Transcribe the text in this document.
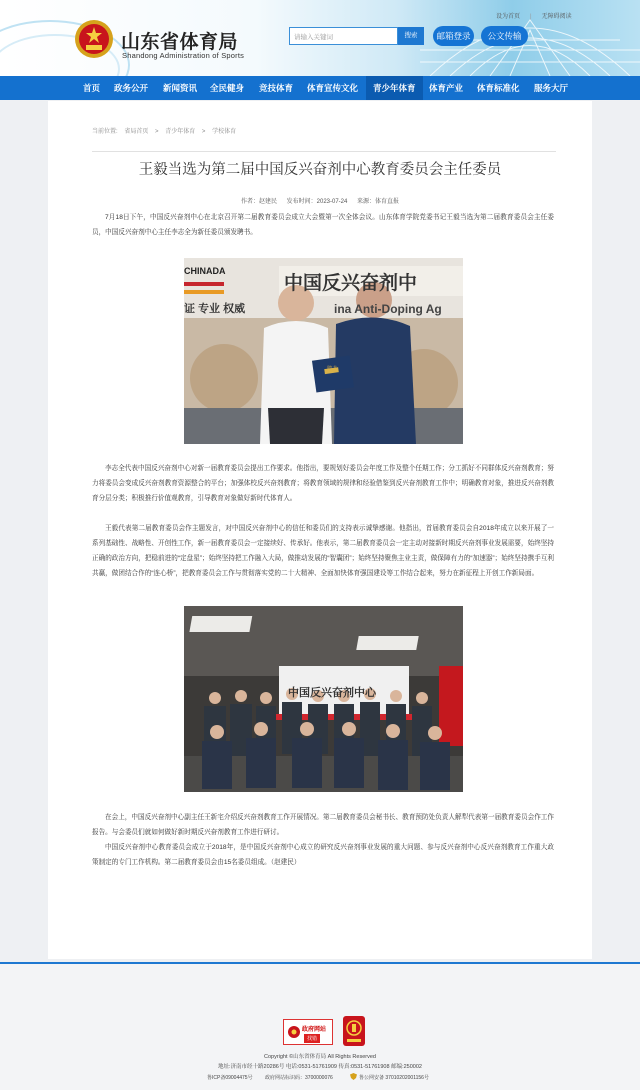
山东省体育局
Shandong Administration of Sports
设为首页 | 无障碍阅读
请输入关键词	搜索	邮箱登录	公文传输
首页 政务公开 新闻资讯 全民健身 竞技体育 体育宣传文化	青少年体育	体育产业 体育标准化 服务大厅
当前位置: 省局首页 > 青少年体育 > 学校体育
王毅当选为第二届中国反兴奋剂中心教育委员会主任委员
作者：赵建民 发布时间：2023-07-24 来源：体育直报
7月18日下午，中国反兴奋剂中心在北京召开第二届教育委员会成立大会暨第一次全体会议。山东体育学院党委书记王毅当选为第二届教育委员会主任委员，中国反兴奋剂中心主任李志全为新任委员颁发聘书。
中国反兴奋剂中
CHINADA
证 专业 权威	ina Anti-Doping Ag
聘书
李志全代表中国反兴奋剂中心对新一届教育委员会提出工作要求。他指出，要规划好委员会年度工作及整个任期工作；分工抓好不同群体反兴奋剂教育；努力将委员会变成反兴奋剂教育资源整合的平台；加强体校反兴奋剂教育；将教育领域的规律和经验借鉴到反兴奋剂教育工作中；明确教育对象，推进反兴奋剂教育分层分类；积极推行价值观教育，引导教育对象做好新时代体育人。
王毅代表第二届教育委员会作主题发言，对中国反兴奋剂中心的信任和委员们的支持表示诚挚感谢。他指出，首届教育委员会自2018年成立以来开展了一系列基础性、战略性、开创性工作，新一届教育委员会一定接续好、传承好。他表示，第二届教育委员会一定主动对接新时期反兴奋剂事业发展需要，始终坚持正确的政治方向，把稳前进的“定盘星”；始终坚持把工作融入大局，做推动发展的“智囊团”；始终坚持聚焦主业主责，做保障有力的“加速器”；始终坚持携手互利共赢，做团结合作的“连心桥”，把教育委员会工作与贯彻落实党的二十大精神、全面加快体育强国建设等工作结合起来，努力在新征程上开创工作新局面。
中国反兴奋剂中心
在会上，中国反兴奋剂中心副主任王新宅介绍反兴奋剂教育工作开展情况。第二届教育委员会秘书长、教育预防处负责人解犁代表第一届教育委员会作工作报告。与会委员们就如何做好新时期反兴奋剂教育工作进行研讨。
中国反兴奋剂中心教育委员会成立于2018年，是中国反兴奋剂中心成立的研究反兴奋剂事业发展的重大问题、参与反兴奋剂中心反兴奋剂教育工作重大政策制定的专门工作机构。第二届教育委员会由15名委员组成。（赵建民）
政府网站
找错
Copyright ©山东省体育局 All Rights Reserved
地址:济南市经十路20286号 电话:0531-51761909 传真:0531-51761908 邮编:250002
鲁ICP备09004475号 政府网站标识码：3700000076	鲁公网安备 37010202001156号
